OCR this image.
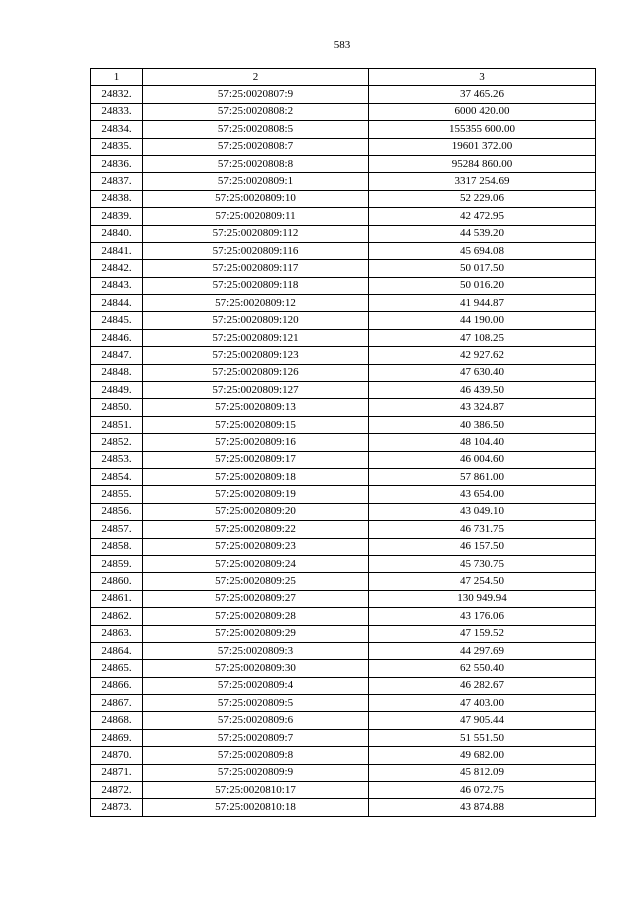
583
1	2	3
24832.	57:25:0020807:9	37 465.26
24833.	57:25:0020808:2	6000 420.00
24834.	57:25:0020808:5	155355 600.00
24835.	57:25:0020808:7	19601 372.00
24836.	57:25:0020808:8	95284 860.00
24837.	57:25:0020809:1	3317 254.69
24838.	57:25:0020809:10	52 229.06
24839.	57:25:0020809:11	42 472.95
24840.	57:25:0020809:112	44 539.20
24841.	57:25:0020809:116	45 694.08
24842.	57:25:0020809:117	50 017.50
24843.	57:25:0020809:118	50 016.20
24844.	57:25:0020809:12	41 944.87
24845.	57:25:0020809:120	44 190.00
24846.	57:25:0020809:121	47 108.25
24847.	57:25:0020809:123	42 927.62
24848.	57:25:0020809:126	47 630.40
24849.	57:25:0020809:127	46 439.50
24850.	57:25:0020809:13	43 324.87
24851.	57:25:0020809:15	40 386.50
24852.	57:25:0020809:16	48 104.40
24853.	57:25:0020809:17	46 004.60
24854.	57:25:0020809:18	57 861.00
24855.	57:25:0020809:19	43 654.00
24856.	57:25:0020809:20	43 049.10
24857.	57:25:0020809:22	46 731.75
24858.	57:25:0020809:23	46 157.50
24859.	57:25:0020809:24	45 730.75
24860.	57:25:0020809:25	47 254.50
24861.	57:25:0020809:27	130 949.94
24862.	57:25:0020809:28	43 176.06
24863.	57:25:0020809:29	47 159.52
24864.	57:25:0020809:3	44 297.69
24865.	57:25:0020809:30	62 550.40
24866.	57:25:0020809:4	46 282.67
24867.	57:25:0020809:5	47 403.00
24868.	57:25:0020809:6	47 905.44
24869.	57:25:0020809:7	51 551.50
24870.	57:25:0020809:8	49 682.00
24871.	57:25:0020809:9	45 812.09
24872.	57:25:0020810:17	46 072.75
24873.	57:25:0020810:18	43 874.88
